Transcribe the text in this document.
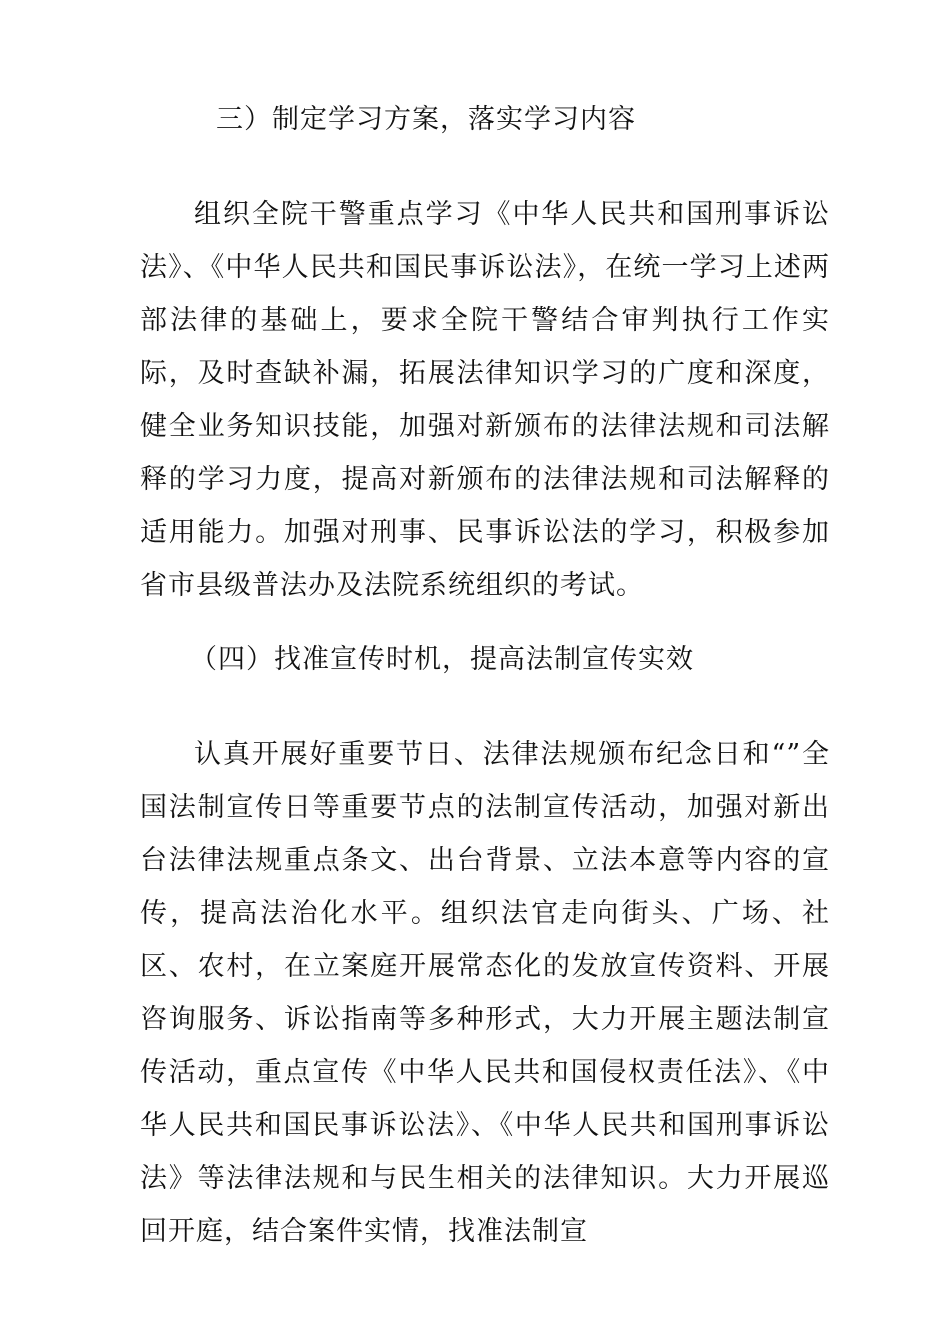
三）制定学习方案，落实学习内容

组织全院干警重点学习《中华人民共和国刑事诉讼法》、《中华人民共和国民事诉讼法》，在统一学习上述两部法律的基础上，要求全院干警结合审判执行工作实际，及时查缺补漏，拓展法律知识学习的广度和深度，健全业务知识技能，加强对新颁布的法律法规和司法解释的学习力度，提高对新颁布的法律法规和司法解释的适用能力。加强对刑事、民事诉讼法的学习，积极参加省市县级普法办及法院系统组织的考试。

（四）找准宣传时机，提高法制宣传实效

认真开展好重要节日、法律法规颁布纪念日和“”全国法制宣传日等重要节点的法制宣传活动，加强对新出台法律法规重点条文、出台背景、立法本意等内容的宣传，提高法治化水平。组织法官走向街头、广场、社区、农村，在立案庭开展常态化的发放宣传资料、开展咨询服务、诉讼指南等多种形式，大力开展主题法制宣传活动，重点宣传《中华人民共和国侵权责任法》、《中华人民共和国民事诉讼法》、《中华人民共和国刑事诉讼法》等法律法规和与民生相关的法律知识。大力开展巡回开庭，结合案件实情，找准法制宣
